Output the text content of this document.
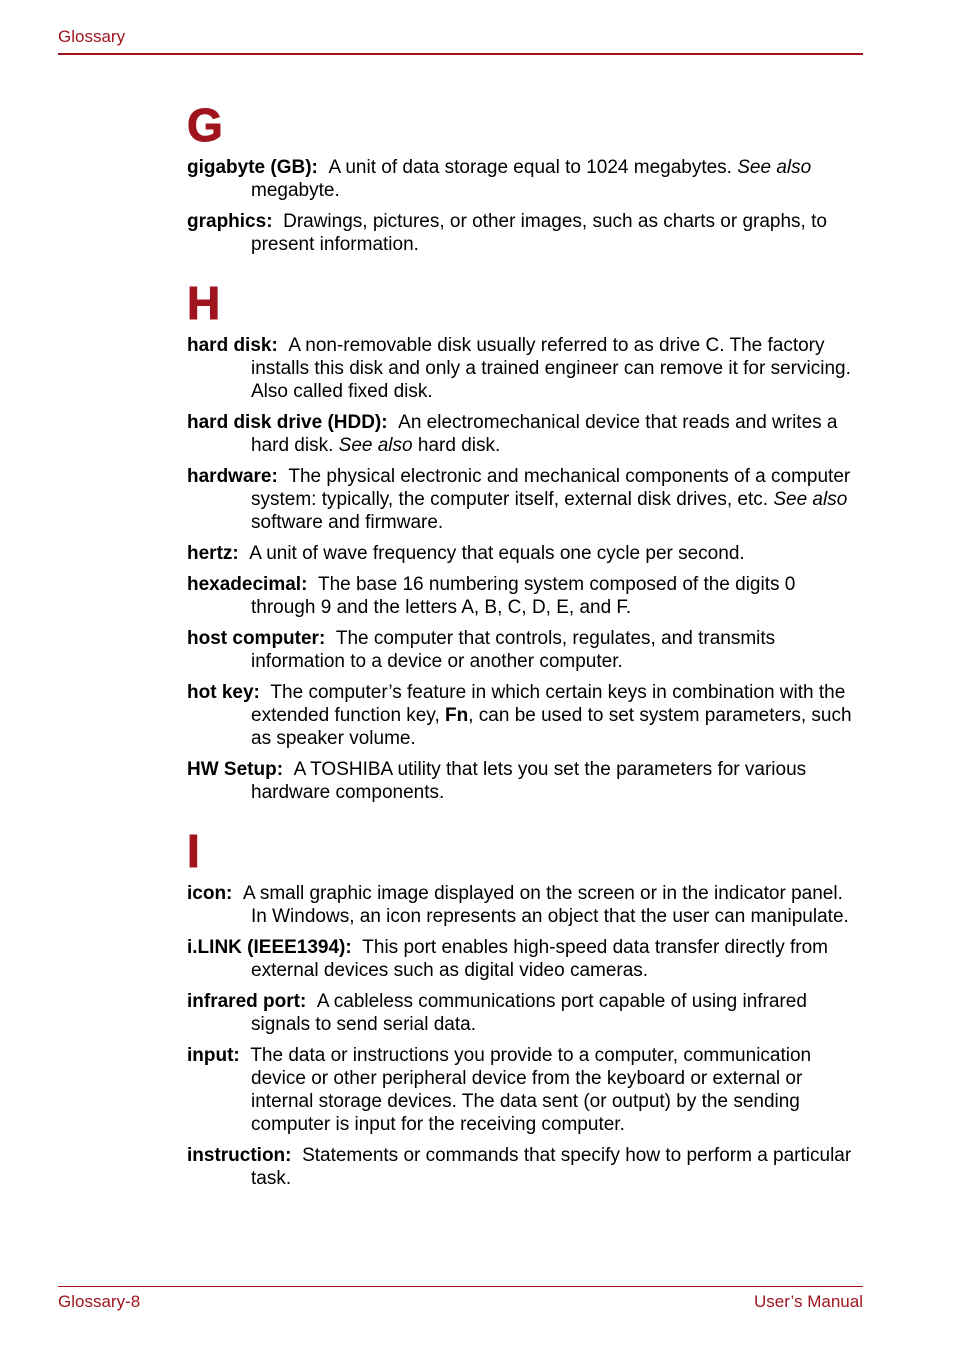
Glossary
G

gigabyte (GB): A unit of data storage equal to 1024 megabytes. See also megabyte.

graphics: Drawings, pictures, or other images, such as charts or graphs, to present information.

H

hard disk: A non-removable disk usually referred to as drive C. The factory installs this disk and only a trained engineer can remove it for servicing. Also called fixed disk.

hard disk drive (HDD): An electromechanical device that reads and writes a hard disk. See also hard disk.

hardware: The physical electronic and mechanical components of a computer system: typically, the computer itself, external disk drives, etc. See also software and firmware.

hertz: A unit of wave frequency that equals one cycle per second.

hexadecimal: The base 16 numbering system composed of the digits 0 through 9 and the letters A, B, C, D, E, and F.

host computer: The computer that controls, regulates, and transmits information to a device or another computer.

hot key: The computer’s feature in which certain keys in combination with the extended function key, Fn, can be used to set system parameters, such as speaker volume.

HW Setup: A TOSHIBA utility that lets you set the parameters for various hardware components.

I

icon: A small graphic image displayed on the screen or in the indicator panel. In Windows, an icon represents an object that the user can manipulate.

i.LINK (IEEE1394): This port enables high-speed data transfer directly from external devices such as digital video cameras.

infrared port: A cableless communications port capable of using infrared signals to send serial data.

input: The data or instructions you provide to a computer, communication device or other peripheral device from the keyboard or external or internal storage devices. The data sent (or output) by the sending computer is input for the receiving computer.

instruction: Statements or commands that specify how to perform a particular task.

Glossary-8	User’s Manual
